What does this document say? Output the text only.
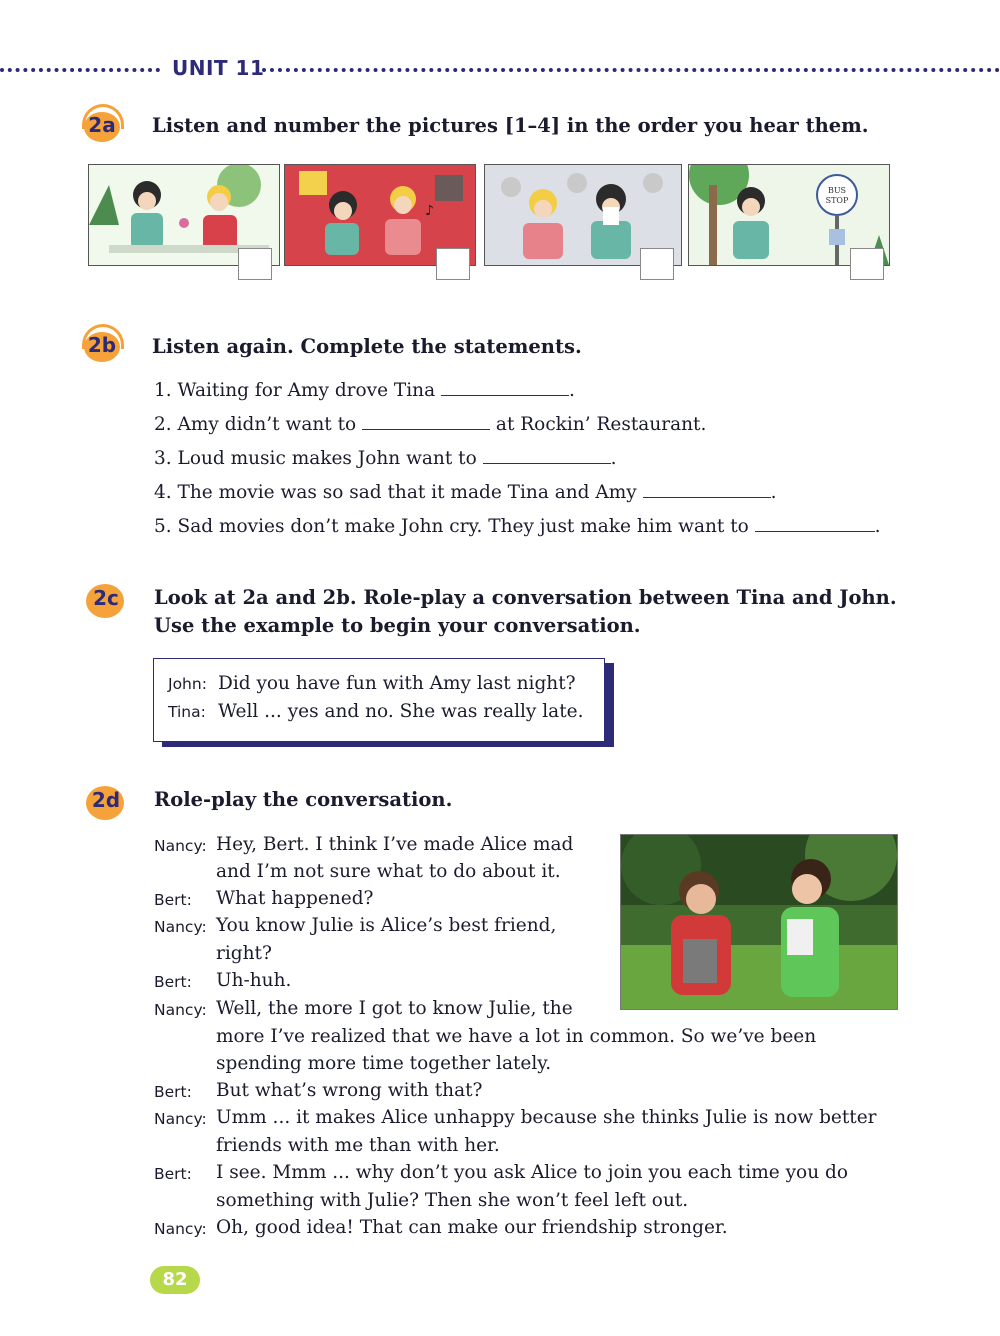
UNIT 11
2a	Listen and number the pictures [1–4] in the order you hear them.
♪
BUS
STOP
2b	Listen again. Complete the statements.
1. Waiting for Amy drove Tina	.
2. Amy didn’t want to	at Rockin’ Restaurant.
3. Loud music makes John want to	.
4. The movie was so sad that it made Tina and Amy	.
5. Sad movies don’t make John cry. They just make him want to	.
2c	Look at 2a and 2b. Role-play a conversation between Tina and John.
Use the example to begin your conversation.
John: Did you have fun with Amy last night?
Tina: Well ... yes and no. She was really late.
2d	Role-play the conversation.
Nancy: Hey, Bert. I think I’ve made Alice mad
and I’m not sure what to do about it.
Bert: What happened?
Nancy: You know Julie is Alice’s best friend,
right?
Bert: Uh-huh.
Nancy: Well, the more I got to know Julie, the
more I’ve realized that we have a lot in common. So we’ve been
spending more time together lately.
Bert: But what’s wrong with that?
Nancy: Umm ... it makes Alice unhappy because she thinks Julie is now better
friends with me than with her.
Bert: I see. Mmm ... why don’t you ask Alice to join you each time you do
something with Julie? Then she won’t feel left out.
Nancy: Oh, good idea! That can make our friendship stronger.
82
